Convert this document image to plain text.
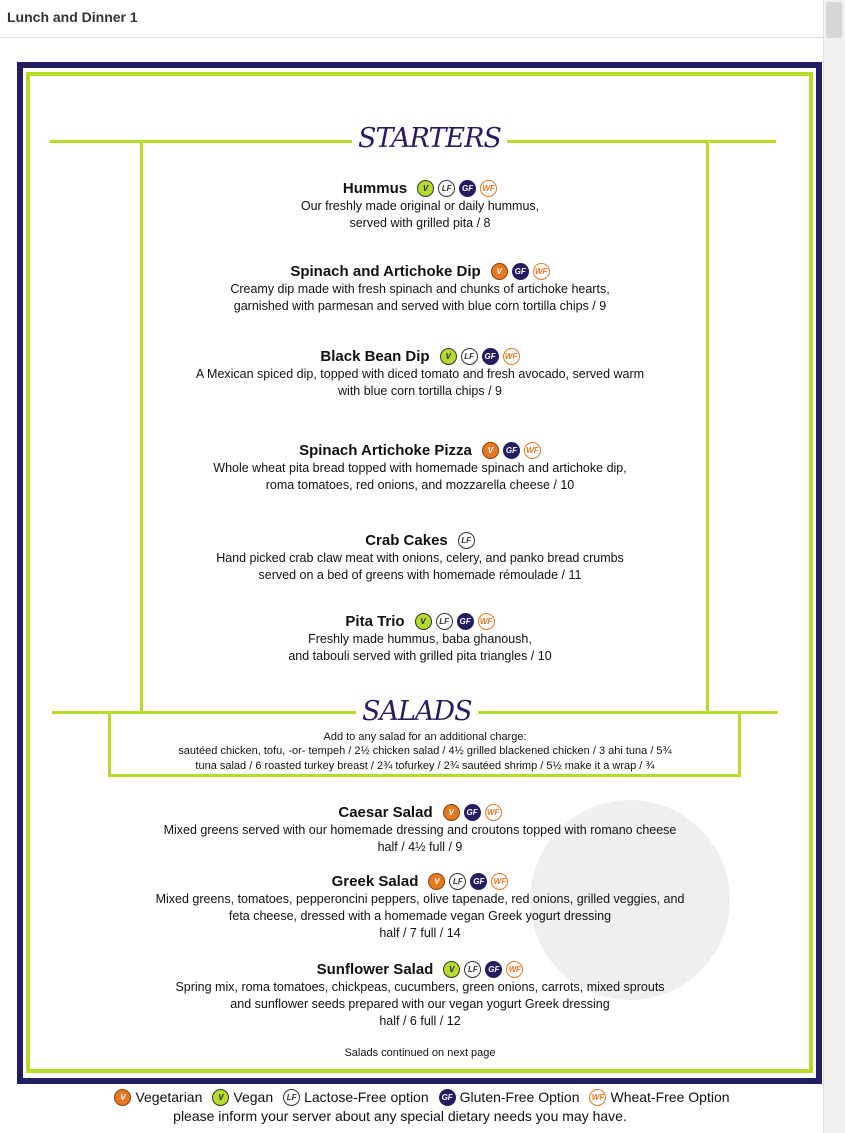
Lunch and Dinner 1
STARTERS
SALADS
Add to any salad for an additional charge:
sautéed chicken, tofu, -or- tempeh / 2½ chicken salad / 4½ grilled blackened chicken / 3 ahi tuna / 5¾
tuna salad / 6 roasted turkey breast / 2¾ tofurkey / 2¾ sautéed shrimp / 5½ make it a wrap / ¾
Hummus	V	LF	GF	WF
Our freshly made original or daily hummus,
served with grilled pita / 8
Spinach and Artichoke Dip	V	GF	WF
Creamy dip made with fresh spinach and chunks of artichoke hearts,
garnished with parmesan and served with blue corn tortilla chips / 9
Black Bean Dip	V	LF	GF	WF
A Mexican spiced dip, topped with diced tomato and fresh avocado, served warm
with blue corn tortilla chips / 9
Spinach Artichoke Pizza	V	GF	WF
Whole wheat pita bread topped with homemade spinach and artichoke dip,
roma tomatoes, red onions, and mozzarella cheese / 10
Crab Cakes	LF
Hand picked crab claw meat with onions, celery, and panko bread crumbs
served on a bed of greens with homemade rémoulade / 11
Pita Trio	V	LF	GF	WF
Freshly made hummus, baba ghanoush,
and tabouli served with grilled pita triangles / 10
Caesar Salad	V	GF	WF
Mixed greens served with our homemade dressing and croutons topped with romano cheese
half / 4½ full / 9
Greek Salad	V	LF	GF	WF
Mixed greens, tomatoes, pepperoncini peppers, olive tapenade, red onions, grilled veggies, and
feta cheese, dressed with a homemade vegan Greek yogurt dressing
half / 7 full / 14
Sunflower Salad	V	LF	GF	WF
Spring mix, roma tomatoes, chickpeas, cucumbers, green onions, carrots, mixed sprouts
and sunflower seeds prepared with our vegan yogurt Greek dressing
half / 6 full / 12
Salads continued on next page
V Vegetarian	V Vegan	LF Lactose-Free option	GF Gluten-Free Option WF Wheat-Free Option
please inform your server about any special dietary needs you may have.
